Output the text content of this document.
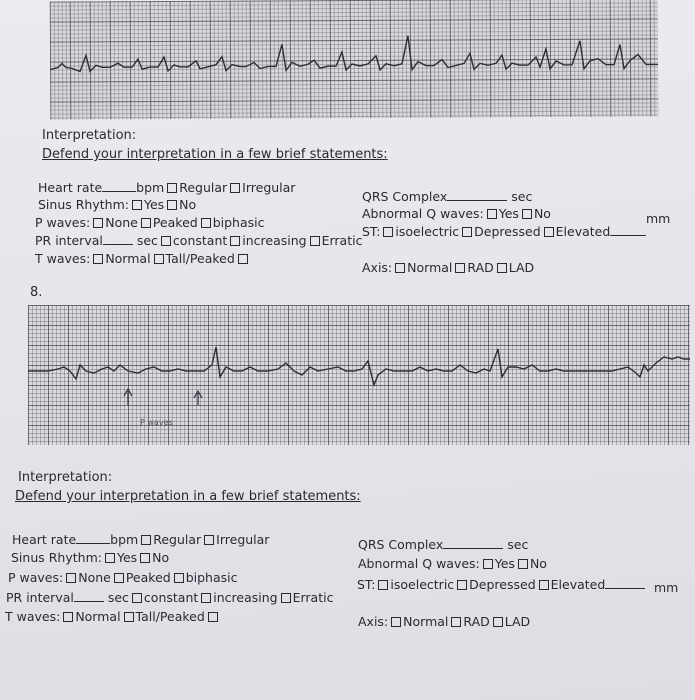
Interpretation:
Defend your interpretation in a few brief statements:
Heart rate	bpm Regular Irregular
Sinus Rhythm: Yes No
P waves: None Peaked biphasic
PR interval	sec constant increasing Erratic
T waves: Normal Tall/Peaked
QRS Complex	sec
Abnormal Q waves: Yes No
ST: isoelectric Depressed Elevated
mm
Axis: Normal RAD LAD
8.
P waves
Interpretation:
Defend your interpretation in a few brief statements:
Heart rate	bpm Regular Irregular
Sinus Rhythm: Yes No
P waves: None Peaked biphasic
PR interval	sec constant increasing Erratic
T waves: Normal Tall/Peaked
QRS Complex	sec
Abnormal Q waves: Yes No
ST: isoelectric Depressed Elevated	mm
Axis: Normal RAD LAD
